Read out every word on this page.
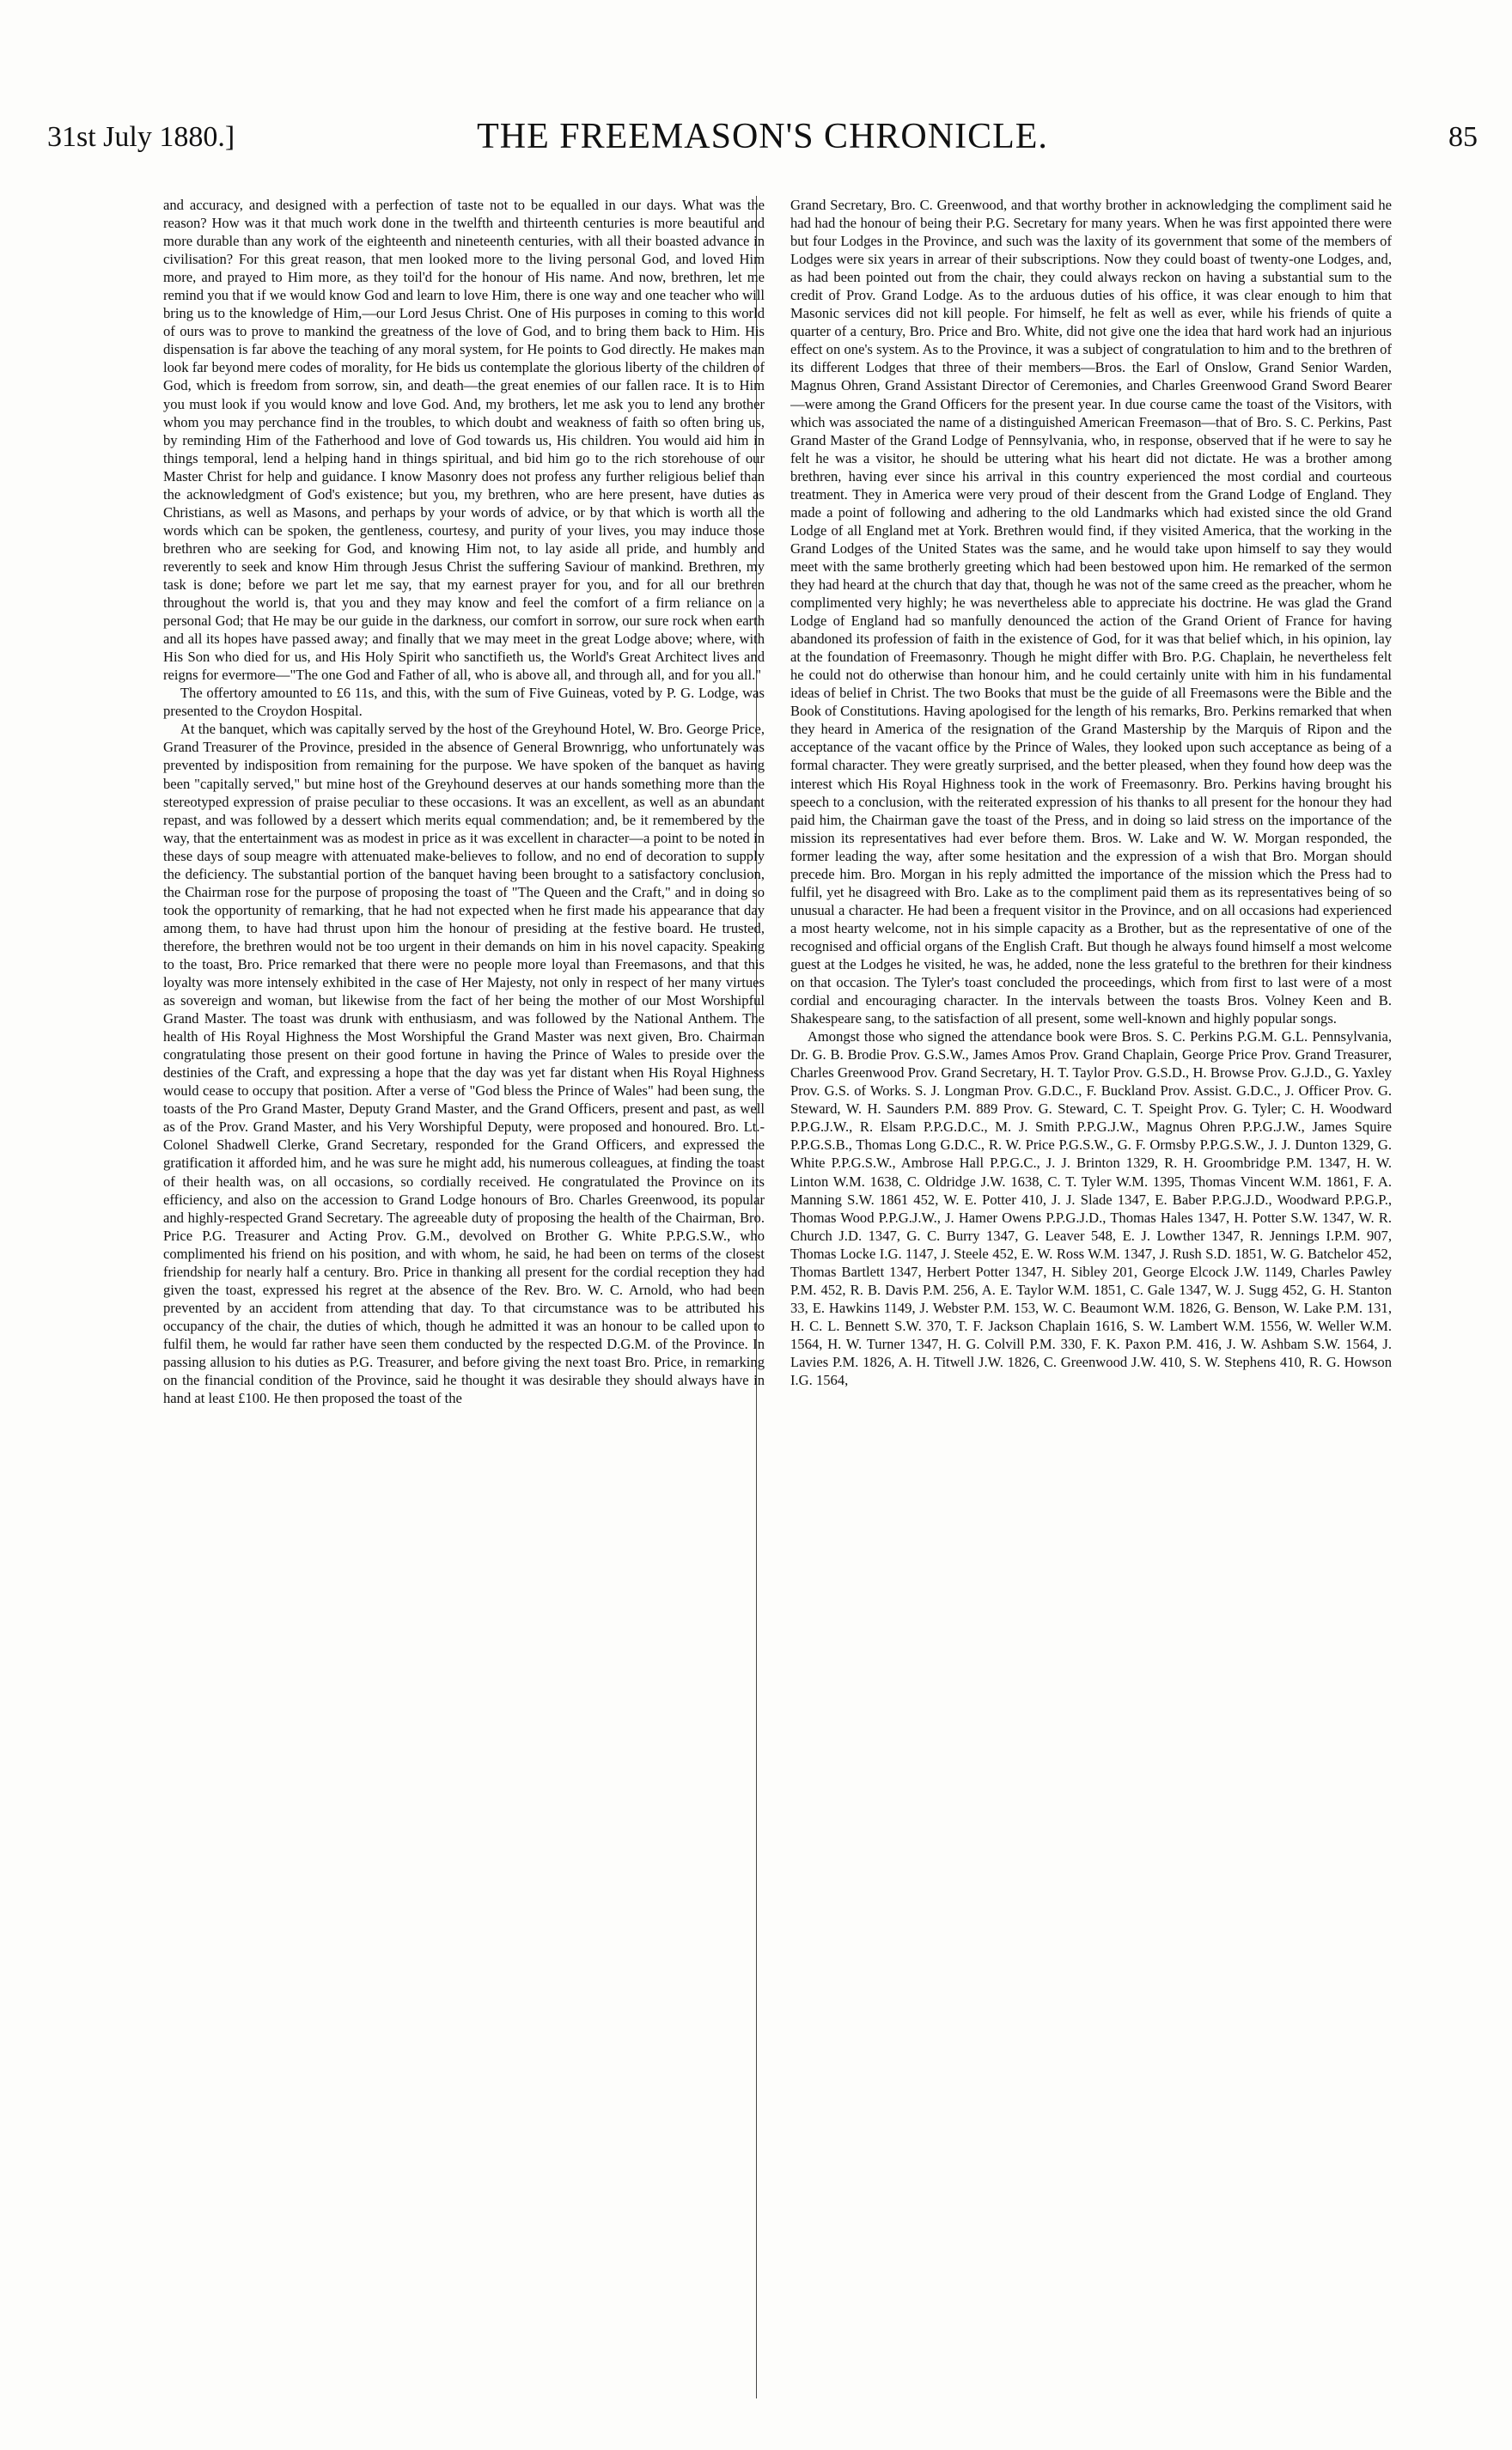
31st July 1880.]	THE FREEMASON'S CHRONICLE.	85

and accuracy, and designed with a perfection of taste not to be equalled in our days. What was the reason? How was it that much work done in the twelfth and thirteenth centuries is more beautiful and more durable than any work of the eighteenth and nineteenth centuries, with all their boasted advance in civilisation? For this great reason, that men looked more to the living personal God, and loved Him more, and prayed to Him more, as they toil'd for the honour of His name. And now, brethren, let me remind you that if we would know God and learn to love Him, there is one way and one teacher who will bring us to the knowledge of Him,—our Lord Jesus Christ. One of His purposes in coming to this world of ours was to prove to mankind the greatness of the love of God, and to bring them back to Him. His dispensation is far above the teaching of any moral system, for He points to God directly. He makes man look far beyond mere codes of morality, for He bids us contemplate the glorious liberty of the children of God, which is freedom from sorrow, sin, and death—the great enemies of our fallen race. It is to Him you must look if you would know and love God. And, my brothers, let me ask you to lend any brother whom you may perchance find in the troubles, to which doubt and weakness of faith so often bring us, by reminding Him of the Fatherhood and love of God towards us, His children. You would aid him in things temporal, lend a helping hand in things spiritual, and bid him go to the rich storehouse of our Master Christ for help and guidance. I know Masonry does not profess any further religious belief than the acknowledgment of God's existence; but you, my brethren, who are here present, have duties as Christians, as well as Masons, and perhaps by your words of advice, or by that which is worth all the words which can be spoken, the gentleness, courtesy, and purity of your lives, you may induce those brethren who are seeking for God, and knowing Him not, to lay aside all pride, and humbly and reverently to seek and know Him through Jesus Christ the suffering Saviour of mankind. Brethren, my task is done; before we part let me say, that my earnest prayer for you, and for all our brethren throughout the world is, that you and they may know and feel the comfort of a firm reliance on a personal God; that He may be our guide in the darkness, our comfort in sorrow, our sure rock when earth and all its hopes have passed away; and finally that we may meet in the great Lodge above; where, with His Son who died for us, and His Holy Spirit who sanctifieth us, the World's Great Architect lives and reigns for evermore—"The one God and Father of all, who is above all, and through all, and for you all."

The offertory amounted to £6 11s, and this, with the sum of Five Guineas, voted by P. G. Lodge, was presented to the Croydon Hospital.

At the banquet, which was capitally served by the host of the Greyhound Hotel, W. Bro. George Price, Grand Treasurer of the Province, presided in the absence of General Brownrigg, who unfortunately was prevented by indisposition from remaining for the purpose. We have spoken of the banquet as having been "capitally served," but mine host of the Greyhound deserves at our hands something more than the stereotyped expression of praise peculiar to these occasions. It was an excellent, as well as an abundant repast, and was followed by a dessert which merits equal commendation; and, be it remembered by the way, that the entertainment was as modest in price as it was excellent in character—a point to be noted in these days of soup meagre with attenuated make-believes to follow, and no end of decoration to supply the deficiency. The substantial portion of the banquet having been brought to a satisfactory conclusion, the Chairman rose for the purpose of proposing the toast of "The Queen and the Craft," and in doing so took the opportunity of remarking, that he had not expected when he first made his appearance that day among them, to have had thrust upon him the honour of presiding at the festive board. He trusted, therefore, the brethren would not be too urgent in their demands on him in his novel capacity. Speaking to the toast, Bro. Price remarked that there were no people more loyal than Freemasons, and that this loyalty was more intensely exhibited in the case of Her Majesty, not only in respect of her many virtues as sovereign and woman, but likewise from the fact of her being the mother of our Most Worshipful Grand Master. The toast was drunk with enthusiasm, and was followed by the National Anthem. The health of His Royal Highness the Most Worshipful the Grand Master was next given, Bro. Chairman congratulating those present on their good fortune in having the Prince of Wales to preside over the destinies of the Craft, and expressing a hope that the day was yet far distant when His Royal Highness would cease to occupy that position. After a verse of "God bless the Prince of Wales" had been sung, the toasts of the Pro Grand Master, Deputy Grand Master, and the Grand Officers, present and past, as well as of the Prov. Grand Master, and his Very Worshipful Deputy, were proposed and honoured. Bro. Lt.-Colonel Shadwell Clerke, Grand Secretary, responded for the Grand Officers, and expressed the gratification it afforded him, and he was sure he might add, his numerous colleagues, at finding the toast of their health was, on all occasions, so cordially received. He congratulated the Province on its efficiency, and also on the accession to Grand Lodge honours of Bro. Charles Greenwood, its popular and highly-respected Grand Secretary. The agreeable duty of proposing the health of the Chairman, Bro. Price P.G. Treasurer and Acting Prov. G.M., devolved on Brother G. White P.P.G.S.W., who complimented his friend on his position, and with whom, he said, he had been on terms of the closest friendship for nearly half a century. Bro. Price in thanking all present for the cordial reception they had given the toast, expressed his regret at the absence of the Rev. Bro. W. C. Arnold, who had been prevented by an accident from attending that day. To that circumstance was to be attributed his occupancy of the chair, the duties of which, though he admitted it was an honour to be called upon to fulfil them, he would far rather have seen them conducted by the respected D.G.M. of the Province. In passing allusion to his duties as P.G. Treasurer, and before giving the next toast Bro. Price, in remarking on the financial condition of the Province, said he thought it was desirable they should always have in hand at least £100. He then proposed the toast of the

Grand Secretary, Bro. C. Greenwood, and that worthy brother in acknowledging the compliment said he had had the honour of being their P.G. Secretary for many years. When he was first appointed there were but four Lodges in the Province, and such was the laxity of its government that some of the members of Lodges were six years in arrear of their subscriptions. Now they could boast of twenty-one Lodges, and, as had been pointed out from the chair, they could always reckon on having a substantial sum to the credit of Prov. Grand Lodge. As to the arduous duties of his office, it was clear enough to him that Masonic services did not kill people. For himself, he felt as well as ever, while his friends of quite a quarter of a century, Bro. Price and Bro. White, did not give one the idea that hard work had an injurious effect on one's system. As to the Province, it was a subject of congratulation to him and to the brethren of its different Lodges that three of their members—Bros. the Earl of Onslow, Grand Senior Warden, Magnus Ohren, Grand Assistant Director of Ceremonies, and Charles Greenwood Grand Sword Bearer—were among the Grand Officers for the present year. In due course came the toast of the Visitors, with which was associated the name of a distinguished American Freemason—that of Bro. S. C. Perkins, Past Grand Master of the Grand Lodge of Pennsylvania, who, in response, observed that if he were to say he felt he was a visitor, he should be uttering what his heart did not dictate. He was a brother among brethren, having ever since his arrival in this country experienced the most cordial and courteous treatment. They in America were very proud of their descent from the Grand Lodge of England. They made a point of following and adhering to the old Landmarks which had existed since the old Grand Lodge of all England met at York. Brethren would find, if they visited America, that the working in the Grand Lodges of the United States was the same, and he would take upon himself to say they would meet with the same brotherly greeting which had been bestowed upon him. He remarked of the sermon they had heard at the church that day that, though he was not of the same creed as the preacher, whom he complimented very highly; he was nevertheless able to appreciate his doctrine. He was glad the Grand Lodge of England had so manfully denounced the action of the Grand Orient of France for having abandoned its profession of faith in the existence of God, for it was that belief which, in his opinion, lay at the foundation of Freemasonry. Though he might differ with Bro. P.G. Chaplain, he nevertheless felt he could not do otherwise than honour him, and he could certainly unite with him in his fundamental ideas of belief in Christ. The two Books that must be the guide of all Freemasons were the Bible and the Book of Constitutions. Having apologised for the length of his remarks, Bro. Perkins remarked that when they heard in America of the resignation of the Grand Mastership by the Marquis of Ripon and the acceptance of the vacant office by the Prince of Wales, they looked upon such acceptance as being of a formal character. They were greatly surprised, and the better pleased, when they found how deep was the interest which His Royal Highness took in the work of Freemasonry. Bro. Perkins having brought his speech to a conclusion, with the reiterated expression of his thanks to all present for the honour they had paid him, the Chairman gave the toast of the Press, and in doing so laid stress on the importance of the mission its representatives had ever before them. Bros. W. Lake and W. W. Morgan responded, the former leading the way, after some hesitation and the expression of a wish that Bro. Morgan should precede him. Bro. Morgan in his reply admitted the importance of the mission which the Press had to fulfil, yet he disagreed with Bro. Lake as to the compliment paid them as its representatives being of so unusual a character. He had been a frequent visitor in the Province, and on all occasions had experienced a most hearty welcome, not in his simple capacity as a Brother, but as the representative of one of the recognised and official organs of the English Craft. But though he always found himself a most welcome guest at the Lodges he visited, he was, he added, none the less grateful to the brethren for their kindness on that occasion. The Tyler's toast concluded the proceedings, which from first to last were of a most cordial and encouraging character. In the intervals between the toasts Bros. Volney Keen and B. Shakespeare sang, to the satisfaction of all present, some well-known and highly popular songs.

Amongst those who signed the attendance book were Bros. S. C. Perkins P.G.M. G.L. Pennsylvania, Dr. G. B. Brodie Prov. G.S.W., James Amos Prov. Grand Chaplain, George Price Prov. Grand Treasurer, Charles Greenwood Prov. Grand Secretary, H. T. Taylor Prov. G.S.D., H. Browse Prov. G.J.D., G. Yaxley Prov. G.S. of Works. S. J. Longman Prov. G.D.C., F. Buckland Prov. Assist. G.D.C., J. Officer Prov. G. Steward, W. H. Saunders P.M. 889 Prov. G. Steward, C. T. Speight Prov. G. Tyler; C. H. Woodward P.P.G.J.W., R. Elsam P.P.G.D.C., M. J. Smith P.P.G.J.W., Magnus Ohren P.P.G.J.W., James Squire P.P.G.S.B., Thomas Long G.D.C., R. W. Price P.G.S.W., G. F. Ormsby P.P.G.S.W., J. J. Dunton 1329, G. White P.P.G.S.W., Ambrose Hall P.P.G.C., J. J. Brinton 1329, R. H. Groombridge P.M. 1347, H. W. Linton W.M. 1638, C. Oldridge J.W. 1638, C. T. Tyler W.M. 1395, Thomas Vincent W.M. 1861, F. A. Manning S.W. 1861 452, W. E. Potter 410, J. J. Slade 1347, E. Baber P.P.G.J.D., Woodward P.P.G.P., Thomas Wood P.P.G.J.W., J. Hamer Owens P.P.G.J.D., Thomas Hales 1347, H. Potter S.W. 1347, W. R. Church J.D. 1347, G. C. Burry 1347, G. Leaver 548, E. J. Lowther 1347, R. Jennings I.P.M. 907, Thomas Locke I.G. 1147, J. Steele 452, E. W. Ross W.M. 1347, J. Rush S.D. 1851, W. G. Batchelor 452, Thomas Bartlett 1347, Herbert Potter 1347, H. Sibley 201, George Elcock J.W. 1149, Charles Pawley P.M. 452, R. B. Davis P.M. 256, A. E. Taylor W.M. 1851, C. Gale 1347, W. J. Sugg 452, G. H. Stanton 33, E. Hawkins 1149, J. Webster P.M. 153, W. C. Beaumont W.M. 1826, G. Benson, W. Lake P.M. 131, H. C. L. Bennett S.W. 370, T. F. Jackson Chaplain 1616, S. W. Lambert W.M. 1556, W. Weller W.M. 1564, H. W. Turner 1347, H. G. Colvill P.M. 330, F. K. Paxon P.M. 416, J. W. Ashbam S.W. 1564, J. Lavies P.M. 1826, A. H. Titwell J.W. 1826, C. Greenwood J.W. 410, S. W. Stephens 410, R. G. Howson I.G. 1564,
